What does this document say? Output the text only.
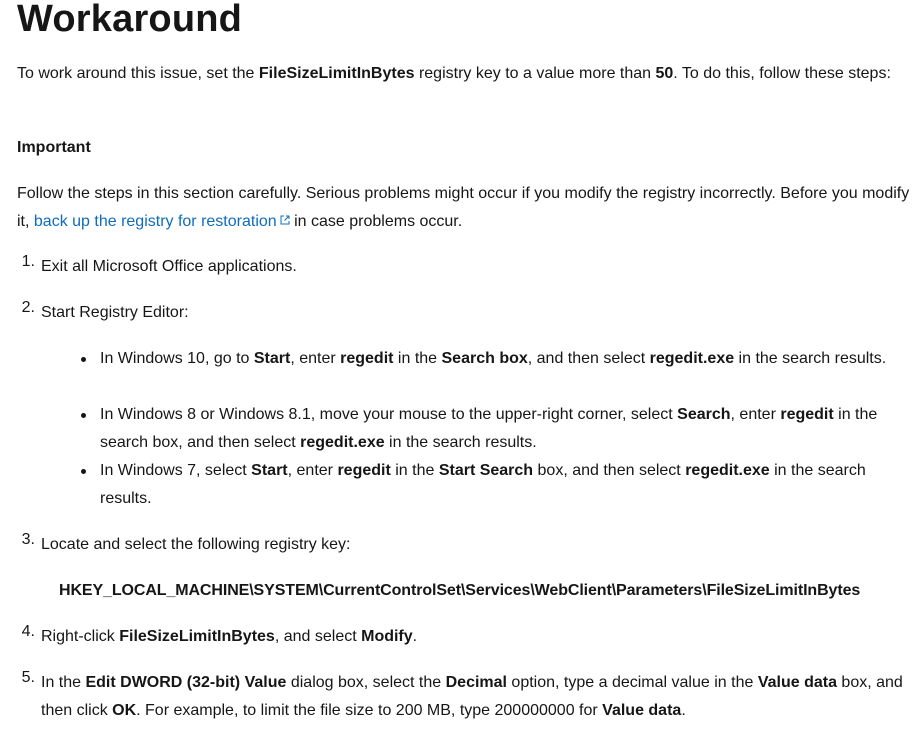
Workaround

To work around this issue, set the FileSizeLimitInBytes registry key to a value more than 50. To do this, follow these steps:

Important

Follow the steps in this section carefully. Serious problems might occur if you modify the registry incorrectly. Before you modify it, back up the registry for restoration in case problems occur.

1. Exit all Microsoft Office applications.

2. Start Registry Editor:

In Windows 10, go to Start, enter regedit in the Search box, and then select regedit.exe in the search results.
In Windows 8 or Windows 8.1, move your mouse to the upper-right corner, select Search, enter regedit in the search box, and then select regedit.exe in the search results.
In Windows 7, select Start, enter regedit in the Start Search box, and then select regedit.exe in the search results.
3. Locate and select the following registry key:

HKEY_LOCAL_MACHINE\SYSTEM\CurrentControlSet\Services\WebClient\Parameters\FileSizeLimitInBytes

4. Right-click FileSizeLimitInBytes, and select Modify.

5. In the Edit DWORD (32-bit) Value dialog box, select the Decimal option, type a decimal value in the Value data box, and then click OK. For example, to limit the file size to 200 MB, type 200000000 for Value data.
